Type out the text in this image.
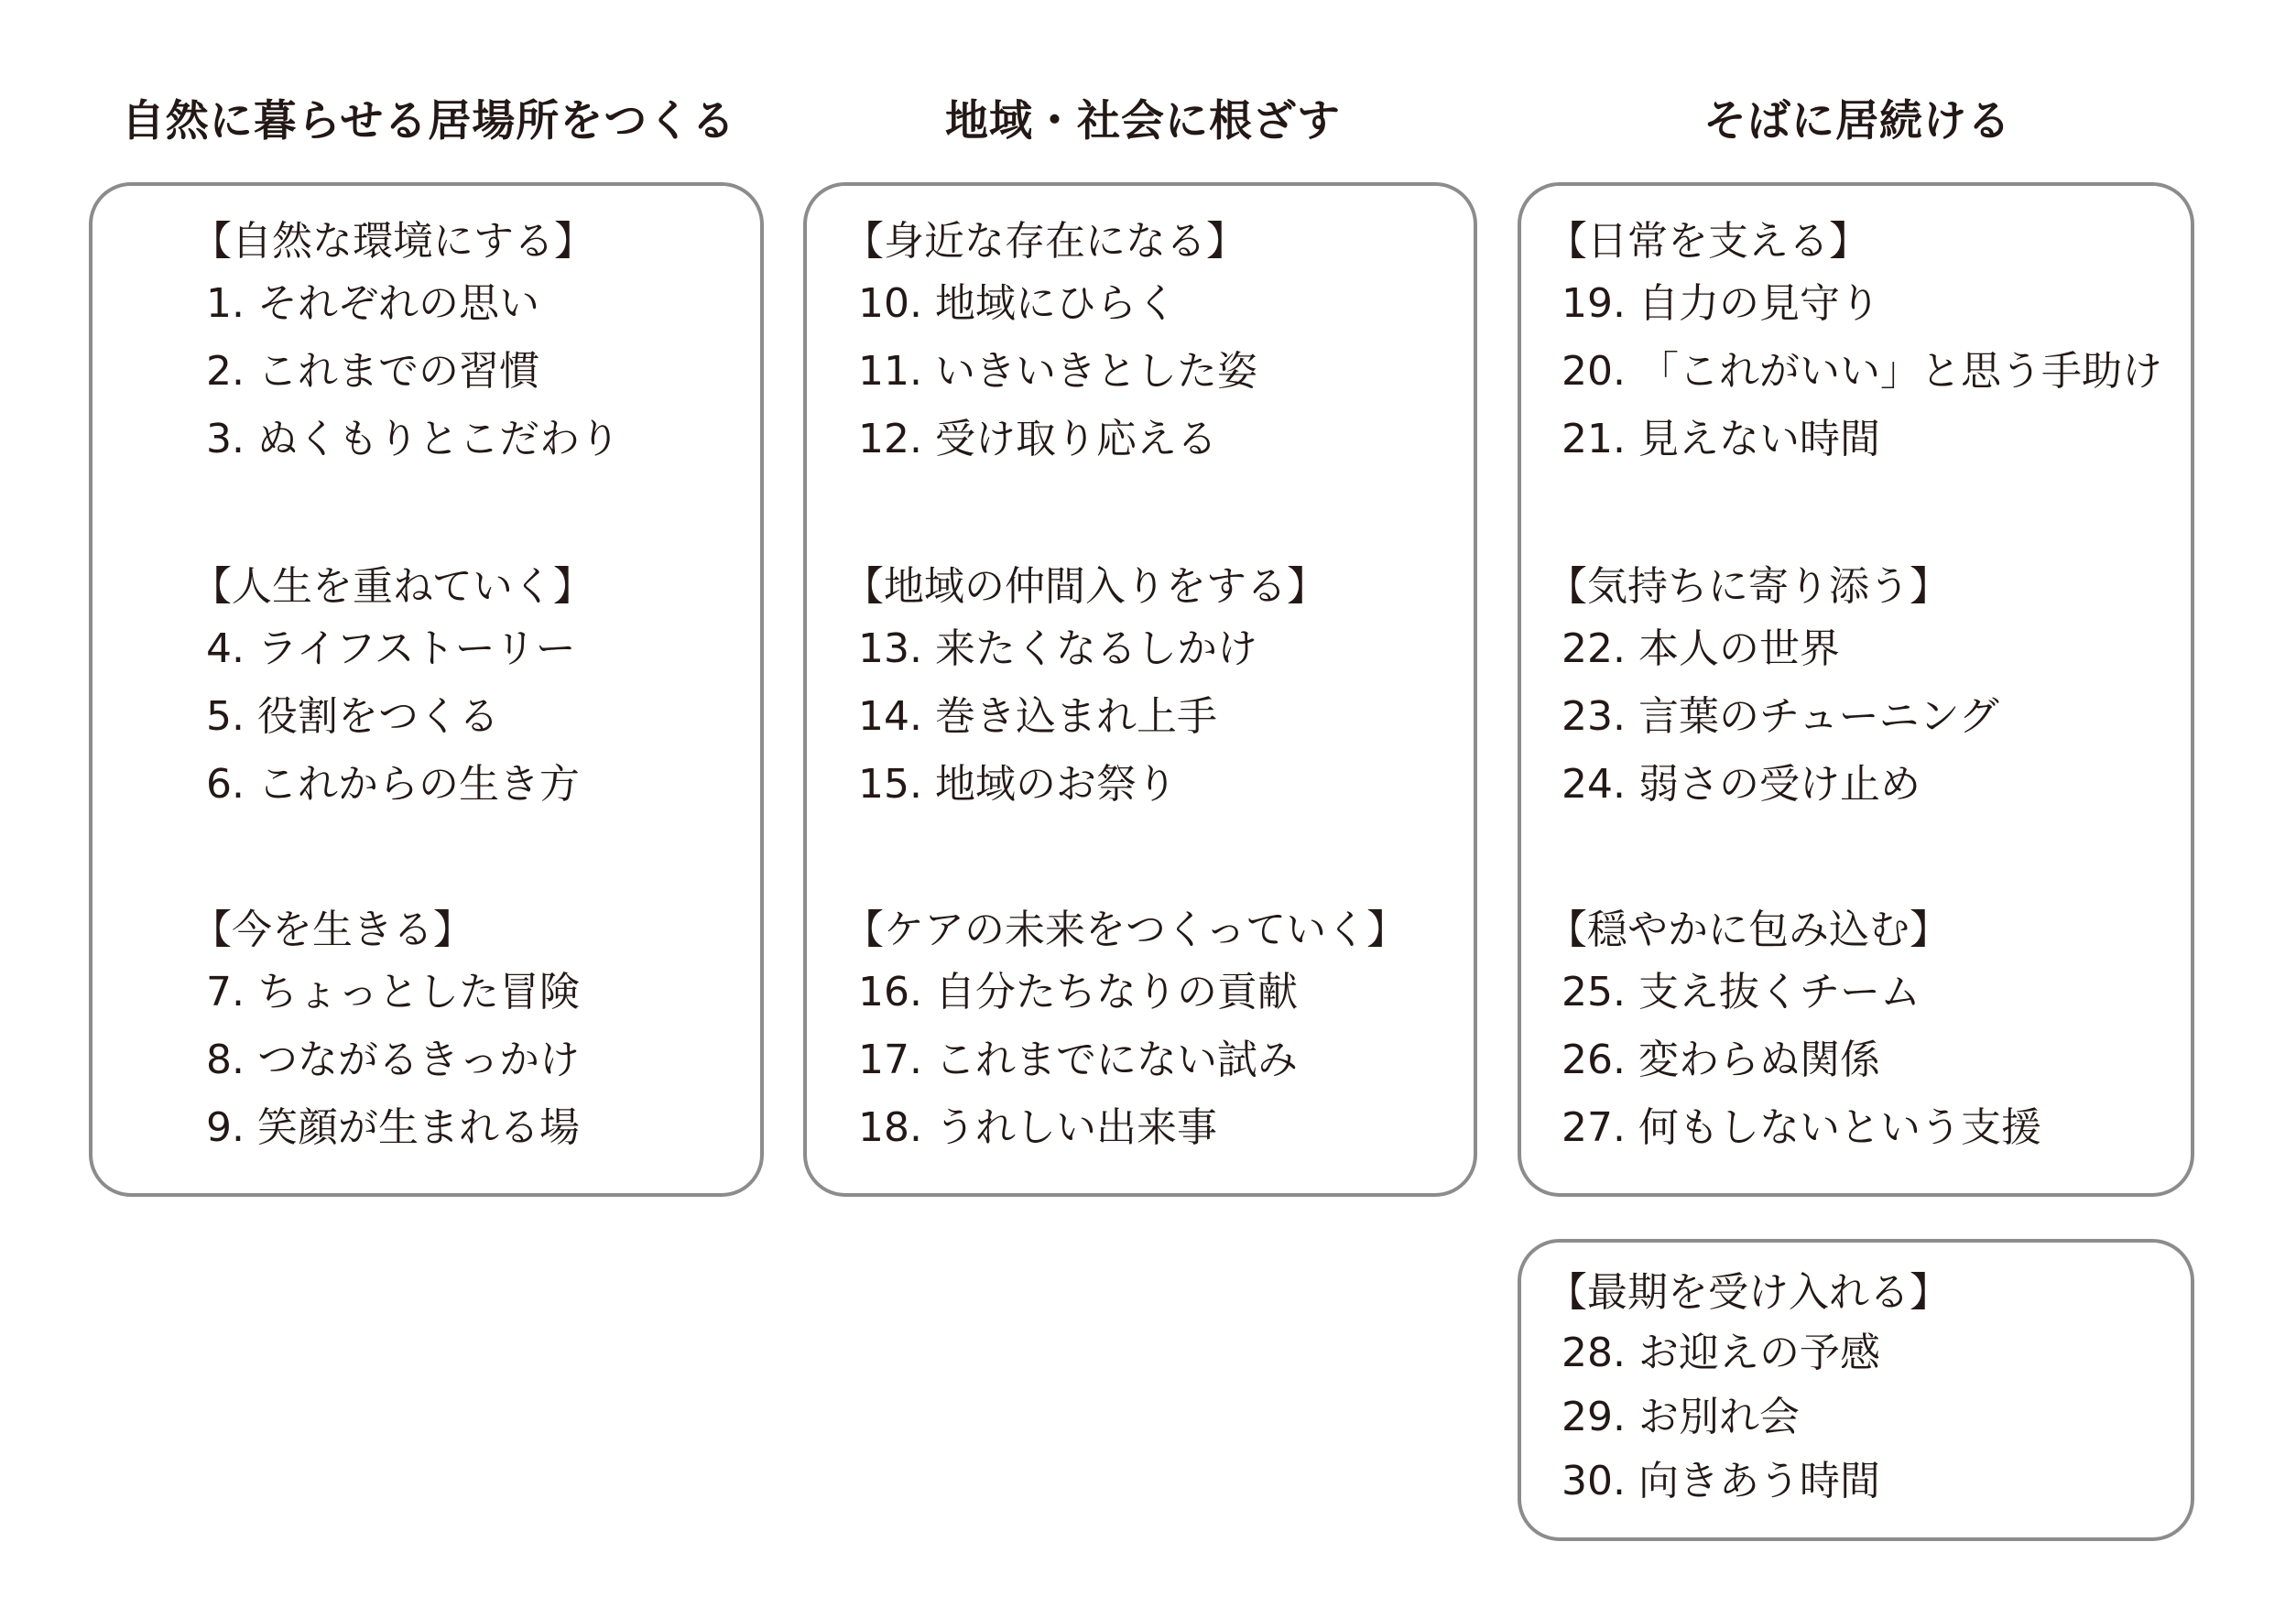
自然に暮らせる居場所をつくる	地域・社会に根ざす	そばに居続ける
【自然な環境にする】
1. それぞれの思い
2. これまでの習慣
3. ぬくもりとこだわり
【人生を重ねていく】
4. ライフストーリー
5. 役割をつくる
6. これからの生き方
【今を生きる】
7. ちょっとした冒険
8. つながるきっかけ
9. 笑顔が生まれる場
【身近な存在になる】
10. 地域にひらく
11. いきいきとした姿
12. 受け取り応える
【地域の仲間入りをする】
13. 来たくなるしかけ
14. 巻き込まれ上手
15. 地域のお祭り
【ケアの未来をつくっていく】
16. 自分たちなりの貢献
17. これまでにない試み
18. うれしい出来事
【日常を支える】
19. 自力の見守り
20. 「これがいい」と思う手助け
21. 見えない時間
【気持ちに寄り添う】
22. 本人の世界
23. 言葉のチューニング
24. 弱さの受け止め
【穏やかに包み込む】
25. 支え抜くチーム
26. 変わらぬ関係
27. 何もしないという支援
【最期を受け入れる】
28. お迎えの予感
29. お別れ会
30. 向きあう時間
